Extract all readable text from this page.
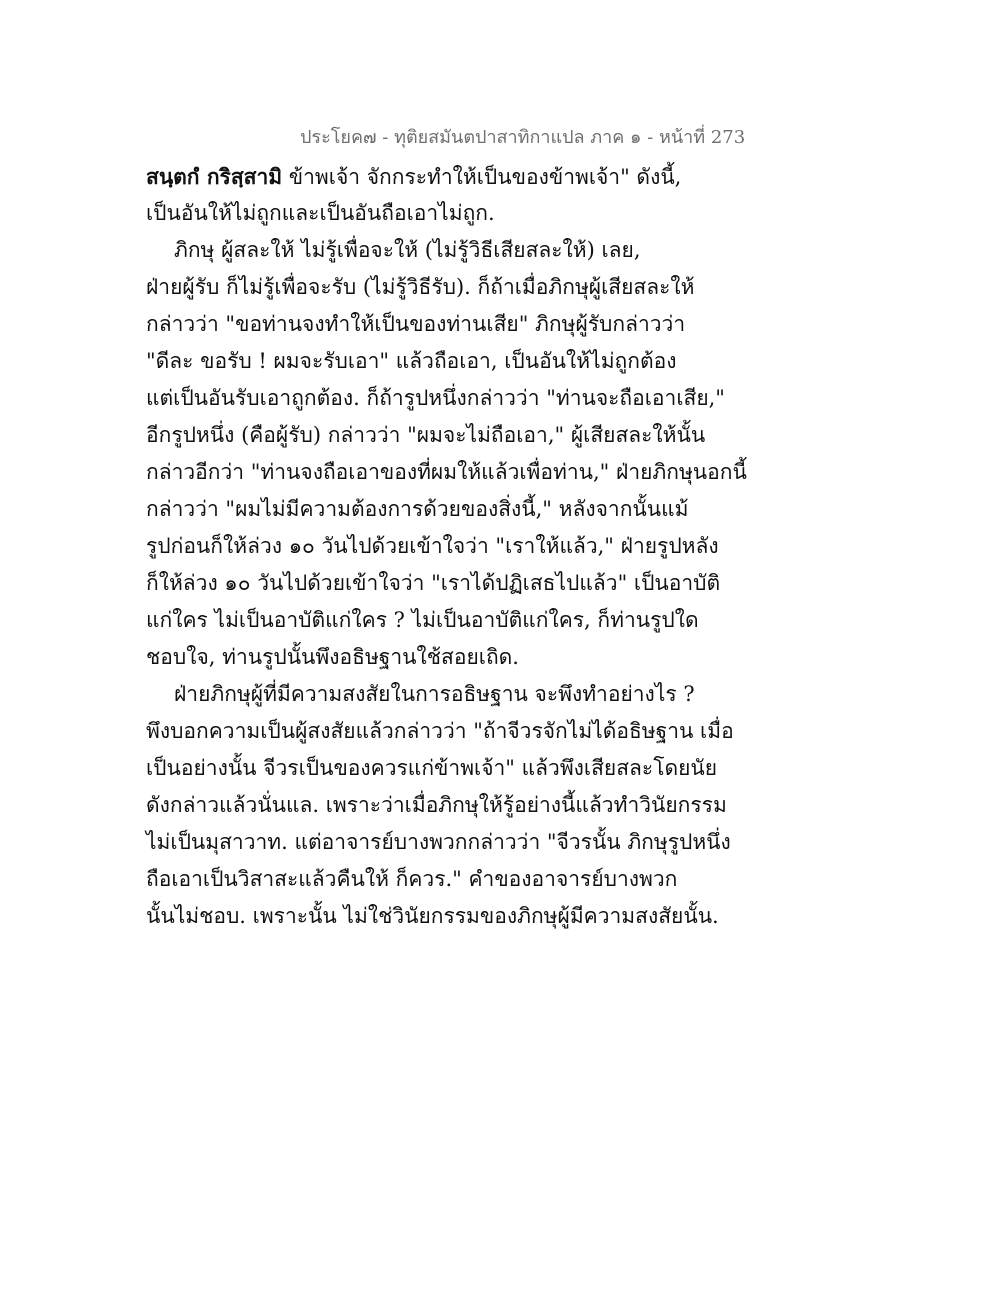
ประโยค๗ - ทุติยสมันตปาสาทิกาแปล ภาค ๑ - หน้าที่ 273
สนฺตกํ กริสฺสามิ ข้าพเจ้า จักกระทำให้เป็นของข้าพเจ้า" ดังนี้,
เป็นอันให้ไม่ถูกและเป็นอันถือเอาไม่ถูก.
ภิกษุ ผู้สละให้ ไม่รู้เพื่อจะให้ (ไม่รู้วิธีเสียสละให้) เลย,
ฝ่ายผู้รับ ก็ไม่รู้เพื่อจะรับ (ไม่รู้วิธีรับ). ก็ถ้าเมื่อภิกษุผู้เสียสละให้
กล่าวว่า "ขอท่านจงทำให้เป็นของท่านเสีย" ภิกษุผู้รับกล่าวว่า
"ดีละ ขอรับ ! ผมจะรับเอา" แล้วถือเอา, เป็นอันให้ไม่ถูกต้อง
แต่เป็นอันรับเอาถูกต้อง. ก็ถ้ารูปหนึ่งกล่าวว่า "ท่านจะถือเอาเสีย,"
อีกรูปหนึ่ง (คือผู้รับ) กล่าวว่า "ผมจะไม่ถือเอา," ผู้เสียสละให้นั้น
กล่าวอีกว่า "ท่านจงถือเอาของที่ผมให้แล้วเพื่อท่าน," ฝ่ายภิกษุนอกนี้
กล่าวว่า "ผมไม่มีความต้องการด้วยของสิ่งนี้," หลังจากนั้นแม้
รูปก่อนก็ให้ล่วง ๑๐ วันไปด้วยเข้าใจว่า "เราให้แล้ว," ฝ่ายรูปหลัง
ก็ให้ล่วง ๑๐ วันไปด้วยเข้าใจว่า "เราได้ปฏิเสธไปแล้ว" เป็นอาบัติ
แก่ใคร ไม่เป็นอาบัติแก่ใคร ? ไม่เป็นอาบัติแก่ใคร, ก็ท่านรูปใด
ชอบใจ, ท่านรูปนั้นพึงอธิษฐานใช้สอยเถิด.
ฝ่ายภิกษุผู้ที่มีความสงสัยในการอธิษฐาน จะพึงทำอย่างไร ?
พึงบอกความเป็นผู้สงสัยแล้วกล่าวว่า "ถ้าจีวรจักไม่ได้อธิษฐาน เมื่อ
เป็นอย่างนั้น จีวรเป็นของควรแก่ข้าพเจ้า" แล้วพึงเสียสละโดยนัย
ดังกล่าวแล้วนั่นแล. เพราะว่าเมื่อภิกษุให้รู้อย่างนี้แล้วทำวินัยกรรม
ไม่เป็นมุสาวาท. แต่อาจารย์บางพวกกล่าวว่า "จีวรนั้น ภิกษุรูปหนึ่ง
ถือเอาเป็นวิสาสะแล้วคืนให้ ก็ควร." คำของอาจารย์บางพวก
นั้นไม่ชอบ. เพราะนั้น ไม่ใช่วินัยกรรมของภิกษุผู้มีความสงสัยนั้น.
